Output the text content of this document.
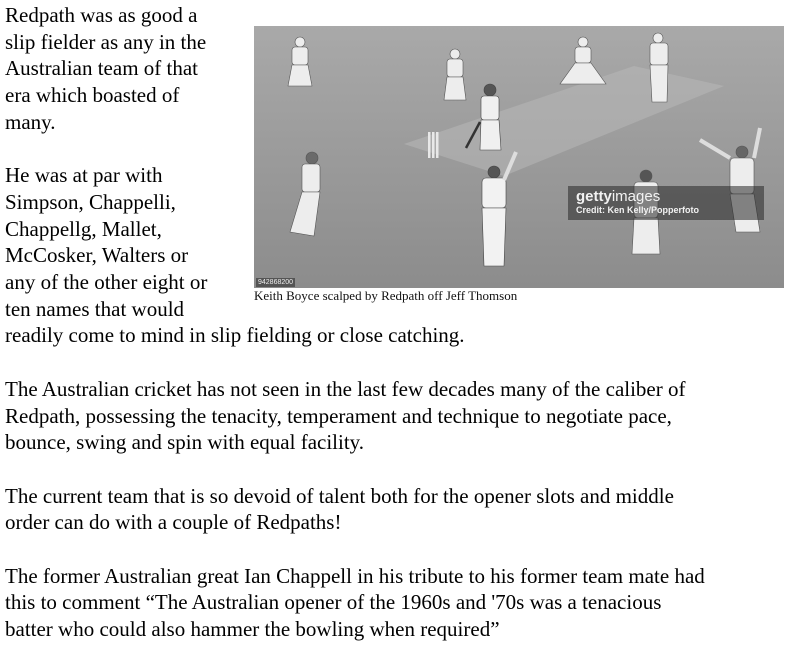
Redpath was as good a
slip fielder as any in the
Australian team of that
era which boasted of
many.
He was at par with
Simpson, Chappelli,
Chappellg, Mallet,
McCosker, Walters or
any of the other eight or
ten names that would
readily come to mind in slip fielding or close catching.
The Australian cricket has not seen in the last few decades many of the caliber of
Redpath, possessing the tenacity, temperament and technique to negotiate pace,
bounce, swing and spin with equal facility.
The current team that is so devoid of talent both for the opener slots and middle
order can do with a couple of Redpaths!
The former Australian great Ian Chappell in his tribute to his former team mate had
this to comment “The Australian opener of the 1960s and '70s was a tenacious
batter who could also hammer the bowling when required”
gettyimages
Credit: Ken Kelly/Popperfoto
942868200
Keith Boyce scalped by Redpath off Jeff Thomson
